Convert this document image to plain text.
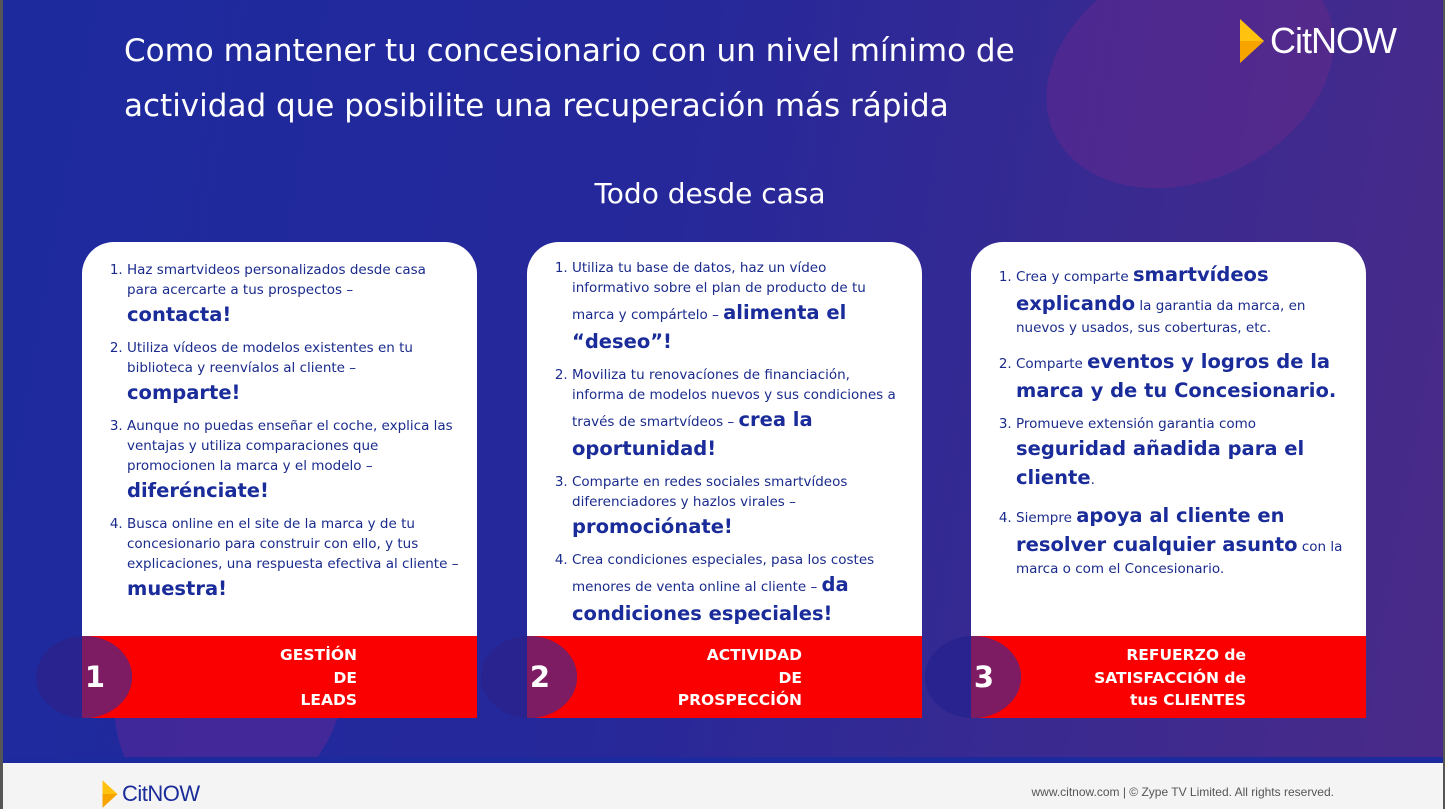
Como mantener tu concesionario con un nivel mínimo de
actividad que posibilite una recuperación más rápida
CitNOW
Todo desde casa
1. Haz smartvideos personalizados desde casa para acercarte a tus prospectos – contacta!
2. Utiliza vídeos de modelos existentes en tu biblioteca y reenvíalos al cliente – comparte!
3. Aunque no puedas enseñar el coche, explica las ventajas y utiliza comparaciones que promocionen la marca y el modelo – diferénciate!
4. Busca online en el site de la marca y de tu concesionario para construir con ello, y tus explicaciones, una respuesta efectiva al cliente – muestra!
1
GESTİÓN
DE
LEADS
1. Utiliza tu base de datos, haz un vídeo informativo sobre el plan de producto de tu marca y compártelo – alimenta el “deseo”!
2. Moviliza tu renovacíones de financiación, informa de modelos nuevos y sus condiciones a través de smartvídeos – crea la oportunidad!
3. Comparte en redes sociales smartvídeos diferenciadores y hazlos virales – promociónate!
4. Crea condiciones especiales, pasa los costes menores de venta online al cliente – da condiciones especiales!
2
ACTIVIDAD
DE
PROSPECCİÓN
1. Crea y comparte smartvídeos explicando la garantia da marca, en nuevos y usados, sus coberturas, etc.
2. Comparte eventos y logros de la marca y de tu Concesionario.
3. Promueve extensión garantia como seguridad añadida para el cliente.
4. Siempre apoya al cliente en resolver cualquier asunto con la marca o com el Concesionario.
3
REFUERZO de
SATISFACCIÓN de
tus CLIENTES
CitNOW	www.citnow.com | © Zype TV Limited. All rights reserved.
